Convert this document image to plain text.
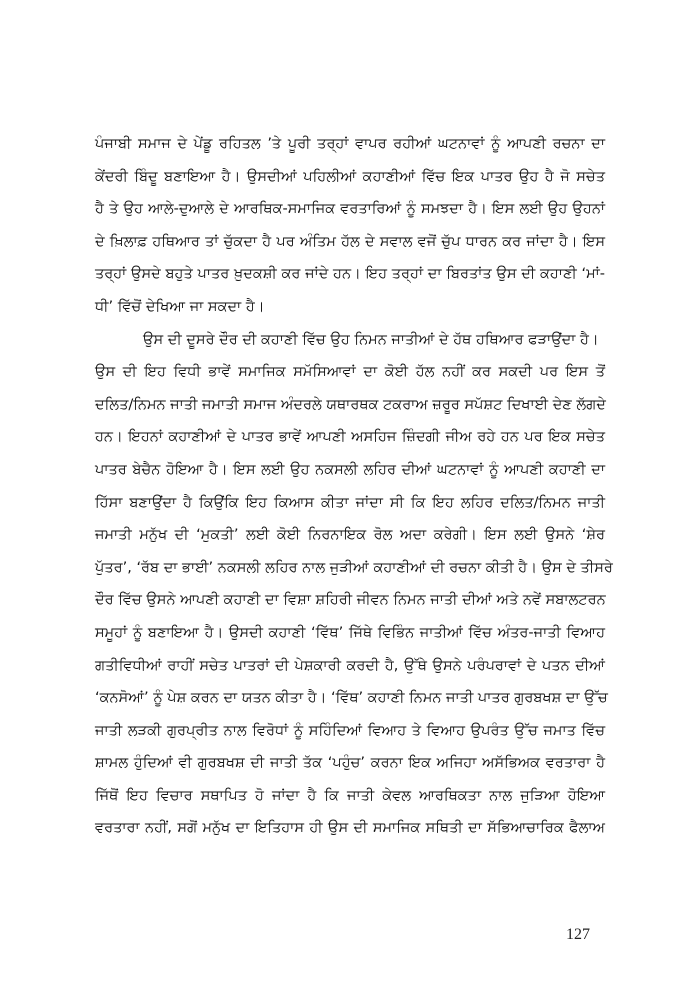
ਪੰਜਾਬੀ ਸਮਾਜ ਦੇ ਪੇਂਡੂ ਰਹਿਤਲ ’ਤੇ ਪੂਰੀ ਤਰ੍ਹਾਂ ਵਾਪਰ ਰਹੀਆਂ ਘਟਨਾਵਾਂ ਨੂੰ ਆਪਣੀ ਰਚਨਾ ਦਾ
ਕੇਂਦਰੀ ਬਿੰਦੂ ਬਣਾਇਆ ਹੈ। ਉਸਦੀਆਂ ਪਹਿਲੀਆਂ ਕਹਾਣੀਆਂ ਵਿੱਚ ਇਕ ਪਾਤਰ ਉਹ ਹੈ ਜੋ ਸਚੇਤ
ਹੈ ਤੇ ਉਹ ਆਲੇ-ਦੁਆਲੇ ਦੇ ਆਰਥਿਕ-ਸਮਾਜਿਕ ਵਰਤਾਰਿਆਂ ਨੂੰ ਸਮਝਦਾ ਹੈ। ਇਸ ਲਈ ਉਹ ਉਹਨਾਂ
ਦੇ ਖ਼ਿਲਾਫ਼ ਹਥਿਆਰ ਤਾਂ ਚੁੱਕਦਾ ਹੈ ਪਰ ਅੰਤਿਮ ਹੱਲ ਦੇ ਸਵਾਲ ਵਜੋਂ ਚੁੱਪ ਧਾਰਨ ਕਰ ਜਾਂਦਾ ਹੈ। ਇਸ
ਤਰ੍ਹਾਂ ਉਸਦੇ ਬਹੁਤੇ ਪਾਤਰ ਖ਼ੁਦਕਸ਼ੀ ਕਰ ਜਾਂਦੇ ਹਨ। ਇਹ ਤਰ੍ਹਾਂ ਦਾ ਬਿਰਤਾਂਤ ਉਸ ਦੀ ਕਹਾਣੀ ‘ਮਾਂ-
ਧੀ’ ਵਿੱਚੋਂ ਦੇਖਿਆ ਜਾ ਸਕਦਾ ਹੈ।
ਉਸ ਦੀ ਦੂਸਰੇ ਦੌਰ ਦੀ ਕਹਾਣੀ ਵਿੱਚ ਉਹ ਨਿਮਨ ਜਾਤੀਆਂ ਦੇ ਹੱਥ ਹਥਿਆਰ ਫੜਾਉਂਦਾ ਹੈ।
ਉਸ ਦੀ ਇਹ ਵਿਧੀ ਭਾਵੇਂ ਸਮਾਜਿਕ ਸਮੱਸਿਆਵਾਂ ਦਾ ਕੋਈ ਹੱਲ ਨਹੀਂ ਕਰ ਸਕਦੀ ਪਰ ਇਸ ਤੋਂ
ਦਲਿਤ/ਨਿਮਨ ਜਾਤੀ ਜਮਾਤੀ ਸਮਾਜ ਅੰਦਰਲੇ ਯਥਾਰਥਕ ਟਕਰਾਅ ਜ਼ਰੂਰ ਸਪੱਸ਼ਟ ਦਿਖਾਈ ਦੇਣ ਲੱਗਦੇ
ਹਨ। ਇਹਨਾਂ ਕਹਾਣੀਆਂ ਦੇ ਪਾਤਰ ਭਾਵੇਂ ਆਪਣੀ ਅਸਹਿਜ ਜ਼ਿੰਦਗੀ ਜੀਅ ਰਹੇ ਹਨ ਪਰ ਇਕ ਸਚੇਤ
ਪਾਤਰ ਬੇਚੈਨ ਹੋਇਆ ਹੈ। ਇਸ ਲਈ ਉਹ ਨਕਸਲੀ ਲਹਿਰ ਦੀਆਂ ਘਟਨਾਵਾਂ ਨੂੰ ਆਪਣੀ ਕਹਾਣੀ ਦਾ
ਹਿੱਸਾ ਬਣਾਉਂਦਾ ਹੈ ਕਿਉਂਕਿ ਇਹ ਕਿਆਸ ਕੀਤਾ ਜਾਂਦਾ ਸੀ ਕਿ ਇਹ ਲਹਿਰ ਦਲਿਤ/ਨਿਮਨ ਜਾਤੀ
ਜਮਾਤੀ ਮਨੁੱਖ ਦੀ ‘ਮੁਕਤੀ’ ਲਈ ਕੋਈ ਨਿਰਨਾਇਕ ਰੋਲ ਅਦਾ ਕਰੇਗੀ। ਇਸ ਲਈ ਉਸਨੇ ‘ਸ਼ੇਰ
ਪੁੱਤਰ’, ‘ਰੱਬ ਦਾ ਭਾਈ’ ਨਕਸਲੀ ਲਹਿਰ ਨਾਲ ਜੁੜੀਆਂ ਕਹਾਣੀਆਂ ਦੀ ਰਚਨਾ ਕੀਤੀ ਹੈ। ਉਸ ਦੇ ਤੀਸਰੇ
ਦੌਰ ਵਿੱਚ ਉਸਨੇ ਆਪਣੀ ਕਹਾਣੀ ਦਾ ਵਿਸ਼ਾ ਸ਼ਹਿਰੀ ਜੀਵਨ ਨਿਮਨ ਜਾਤੀ ਦੀਆਂ ਅਤੇ ਨਵੇਂ ਸਬਾਲਟਰਨ
ਸਮੂਹਾਂ ਨੂੰ ਬਣਾਇਆ ਹੈ। ਉਸਦੀ ਕਹਾਣੀ ‘ਵਿੱਥ’ ਜਿੱਥੇ ਵਿਭਿੰਨ ਜਾਤੀਆਂ ਵਿੱਚ ਅੰਤਰ-ਜਾਤੀ ਵਿਆਹ
ਗਤੀਵਿਧੀਆਂ ਰਾਹੀਂ ਸਚੇਤ ਪਾਤਰਾਂ ਦੀ ਪੇਸ਼ਕਾਰੀ ਕਰਦੀ ਹੈ, ਉੱਥੇ ਉਸਨੇ ਪਰੰਪਰਾਵਾਂ ਦੇ ਪਤਨ ਦੀਆਂ
‘ਕਨਸੋਆਂ’ ਨੂੰ ਪੇਸ਼ ਕਰਨ ਦਾ ਯਤਨ ਕੀਤਾ ਹੈ। ‘ਵਿੱਥ’ ਕਹਾਣੀ ਨਿਮਨ ਜਾਤੀ ਪਾਤਰ ਗੁਰਬਖਸ਼ ਦਾ ਉੱਚ
ਜਾਤੀ ਲੜਕੀ ਗੁਰਪ੍ਰੀਤ ਨਾਲ ਵਿਰੋਧਾਂ ਨੂੰ ਸਹਿੰਦਿਆਂ ਵਿਆਹ ਤੇ ਵਿਆਹ ਉਪਰੰਤ ਉੱਚ ਜਮਾਤ ਵਿੱਚ
ਸ਼ਾਮਲ ਹੁੰਦਿਆਂ ਵੀ ਗੁਰਬਖਸ਼ ਦੀ ਜਾਤੀ ਤੱਕ ‘ਪਹੁੰਚ’ ਕਰਨਾ ਇਕ ਅਜਿਹਾ ਅਸੱਭਿਅਕ ਵਰਤਾਰਾ ਹੈ
ਜਿੱਥੋਂ ਇਹ ਵਿਚਾਰ ਸਥਾਪਿਤ ਹੋ ਜਾਂਦਾ ਹੈ ਕਿ ਜਾਤੀ ਕੇਵਲ ਆਰਥਿਕਤਾ ਨਾਲ ਜੁੜਿਆ ਹੋਇਆ
ਵਰਤਾਰਾ ਨਹੀਂ, ਸਗੋਂ ਮਨੁੱਖ ਦਾ ਇਤਿਹਾਸ ਹੀ ਉਸ ਦੀ ਸਮਾਜਿਕ ਸਥਿਤੀ ਦਾ ਸੱਭਿਆਚਾਰਿਕ ਫੈਲਾਅ
127
